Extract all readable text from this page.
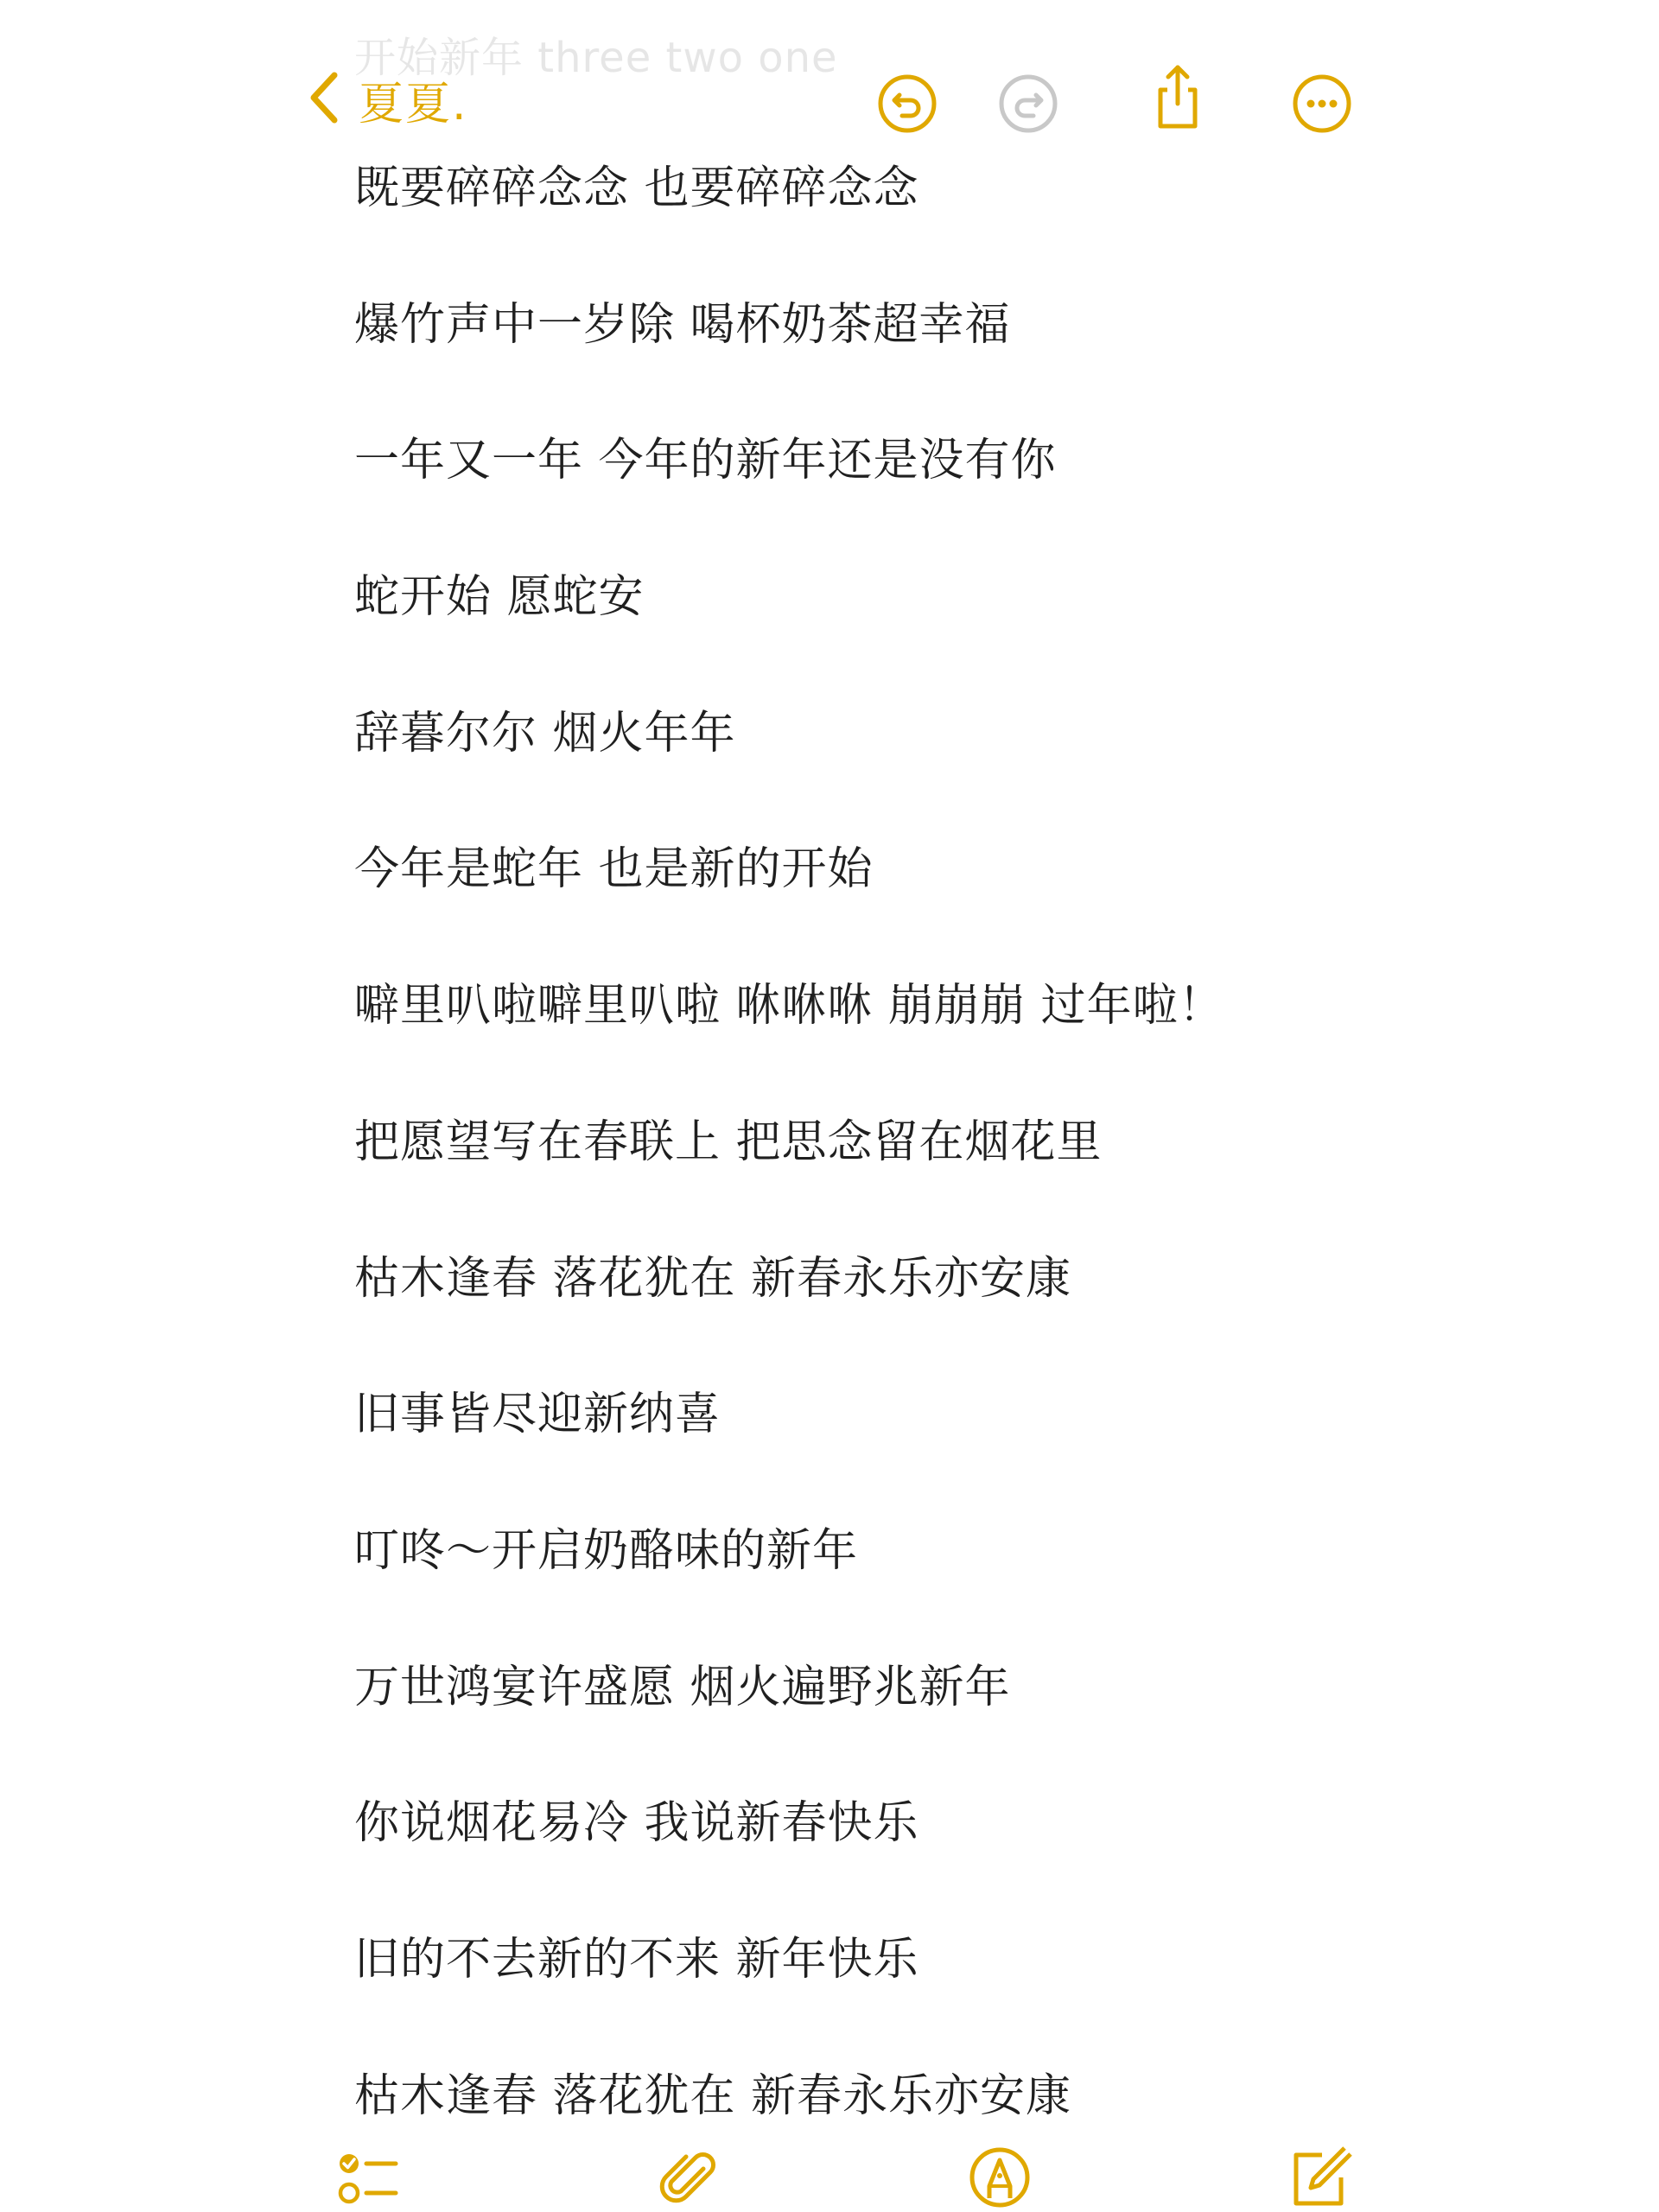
开始新年 three two one
夏夏.
既要碎碎念念 也要碎碎念念
爆竹声中一岁除 喝杯奶茶超幸福
一年又一年 今年的新年还是没有你
蛇开始 愿蛇安
辞暮尔尔 烟火年年
今年是蛇年 也是新的开始
噼里叭啦噼里叭啦 咻咻咻 崩崩崩 过年啦！
把愿望写在春联上 把思念留在烟花里
枯木逢春 落花犹在 新春永乐亦安康
旧事皆尽迎新纳喜
叮咚～开启奶酪味的新年
万世鸿宴许盛愿 烟火遍野兆新年
你说烟花易冷 我说新春快乐
旧的不去新的不来 新年快乐
枯木逢春 落花犹在 新春永乐亦安康
